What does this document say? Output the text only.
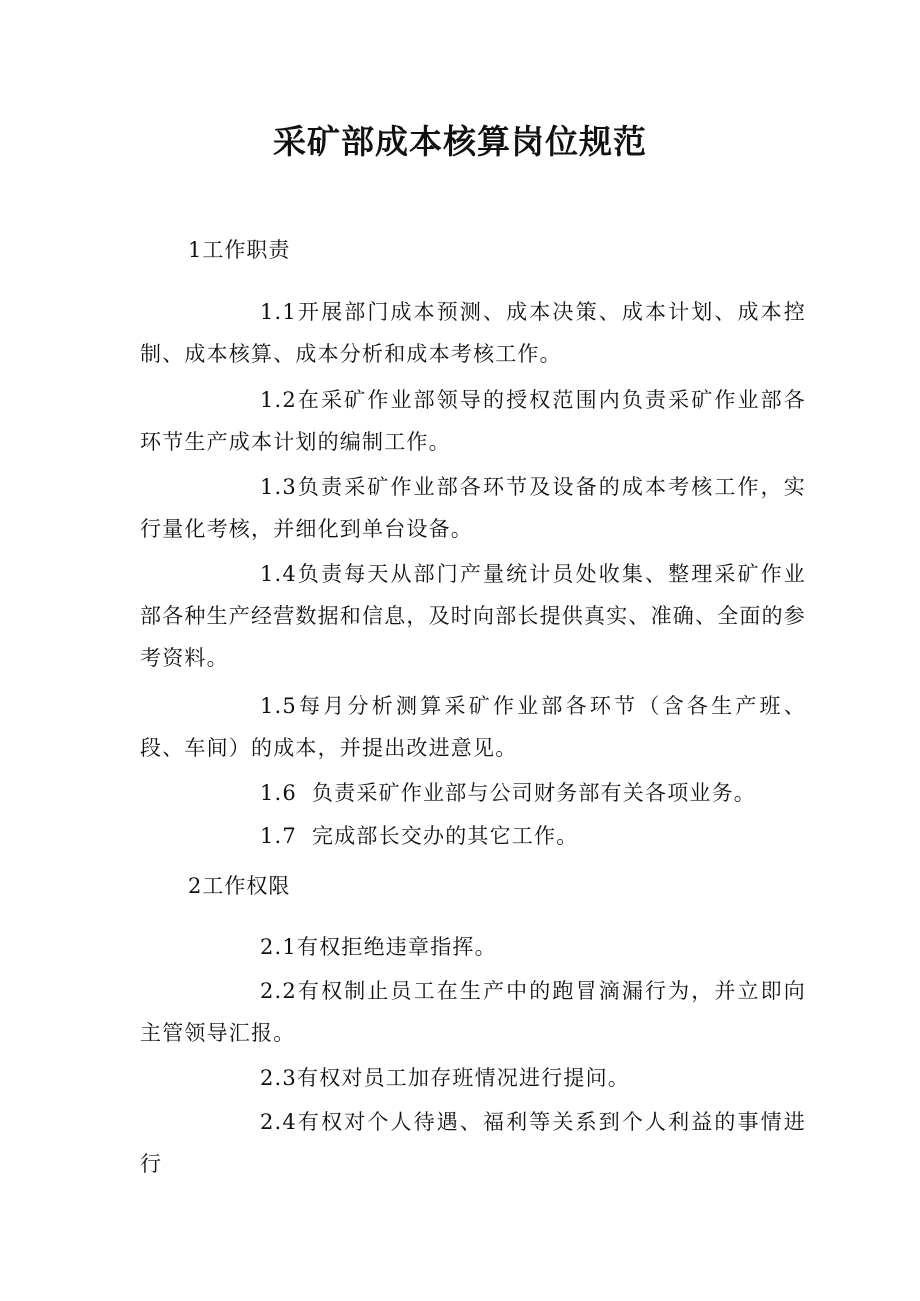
采矿部成本核算岗位规范
1工作职责
1.1开展部门成本预测、成本决策、成本计划、成本控制、成本核算、成本分析和成本考核工作。
1.2在采矿作业部领导的授权范围内负责采矿作业部各环节生产成本计划的编制工作。
1.3负责采矿作业部各环节及设备的成本考核工作，实行量化考核，并细化到单台设备。
1.4负责每天从部门产量统计员处收集、整理采矿作业部各种生产经营数据和信息，及时向部长提供真实、准确、全面的参考资料。
1.5每月分析测算采矿作业部各环节（含各生产班、段、车间）的成本，并提出改进意见。
1.6 负责采矿作业部与公司财务部有关各项业务。
1.7 完成部长交办的其它工作。
2工作权限
2.1有权拒绝违章指挥。
2.2有权制止员工在生产中的跑冒滴漏行为，并立即向主管领导汇报。
2.3有权对员工加存班情况进行提问。
2.4有权对个人待遇、福利等关系到个人利益的事情进行
